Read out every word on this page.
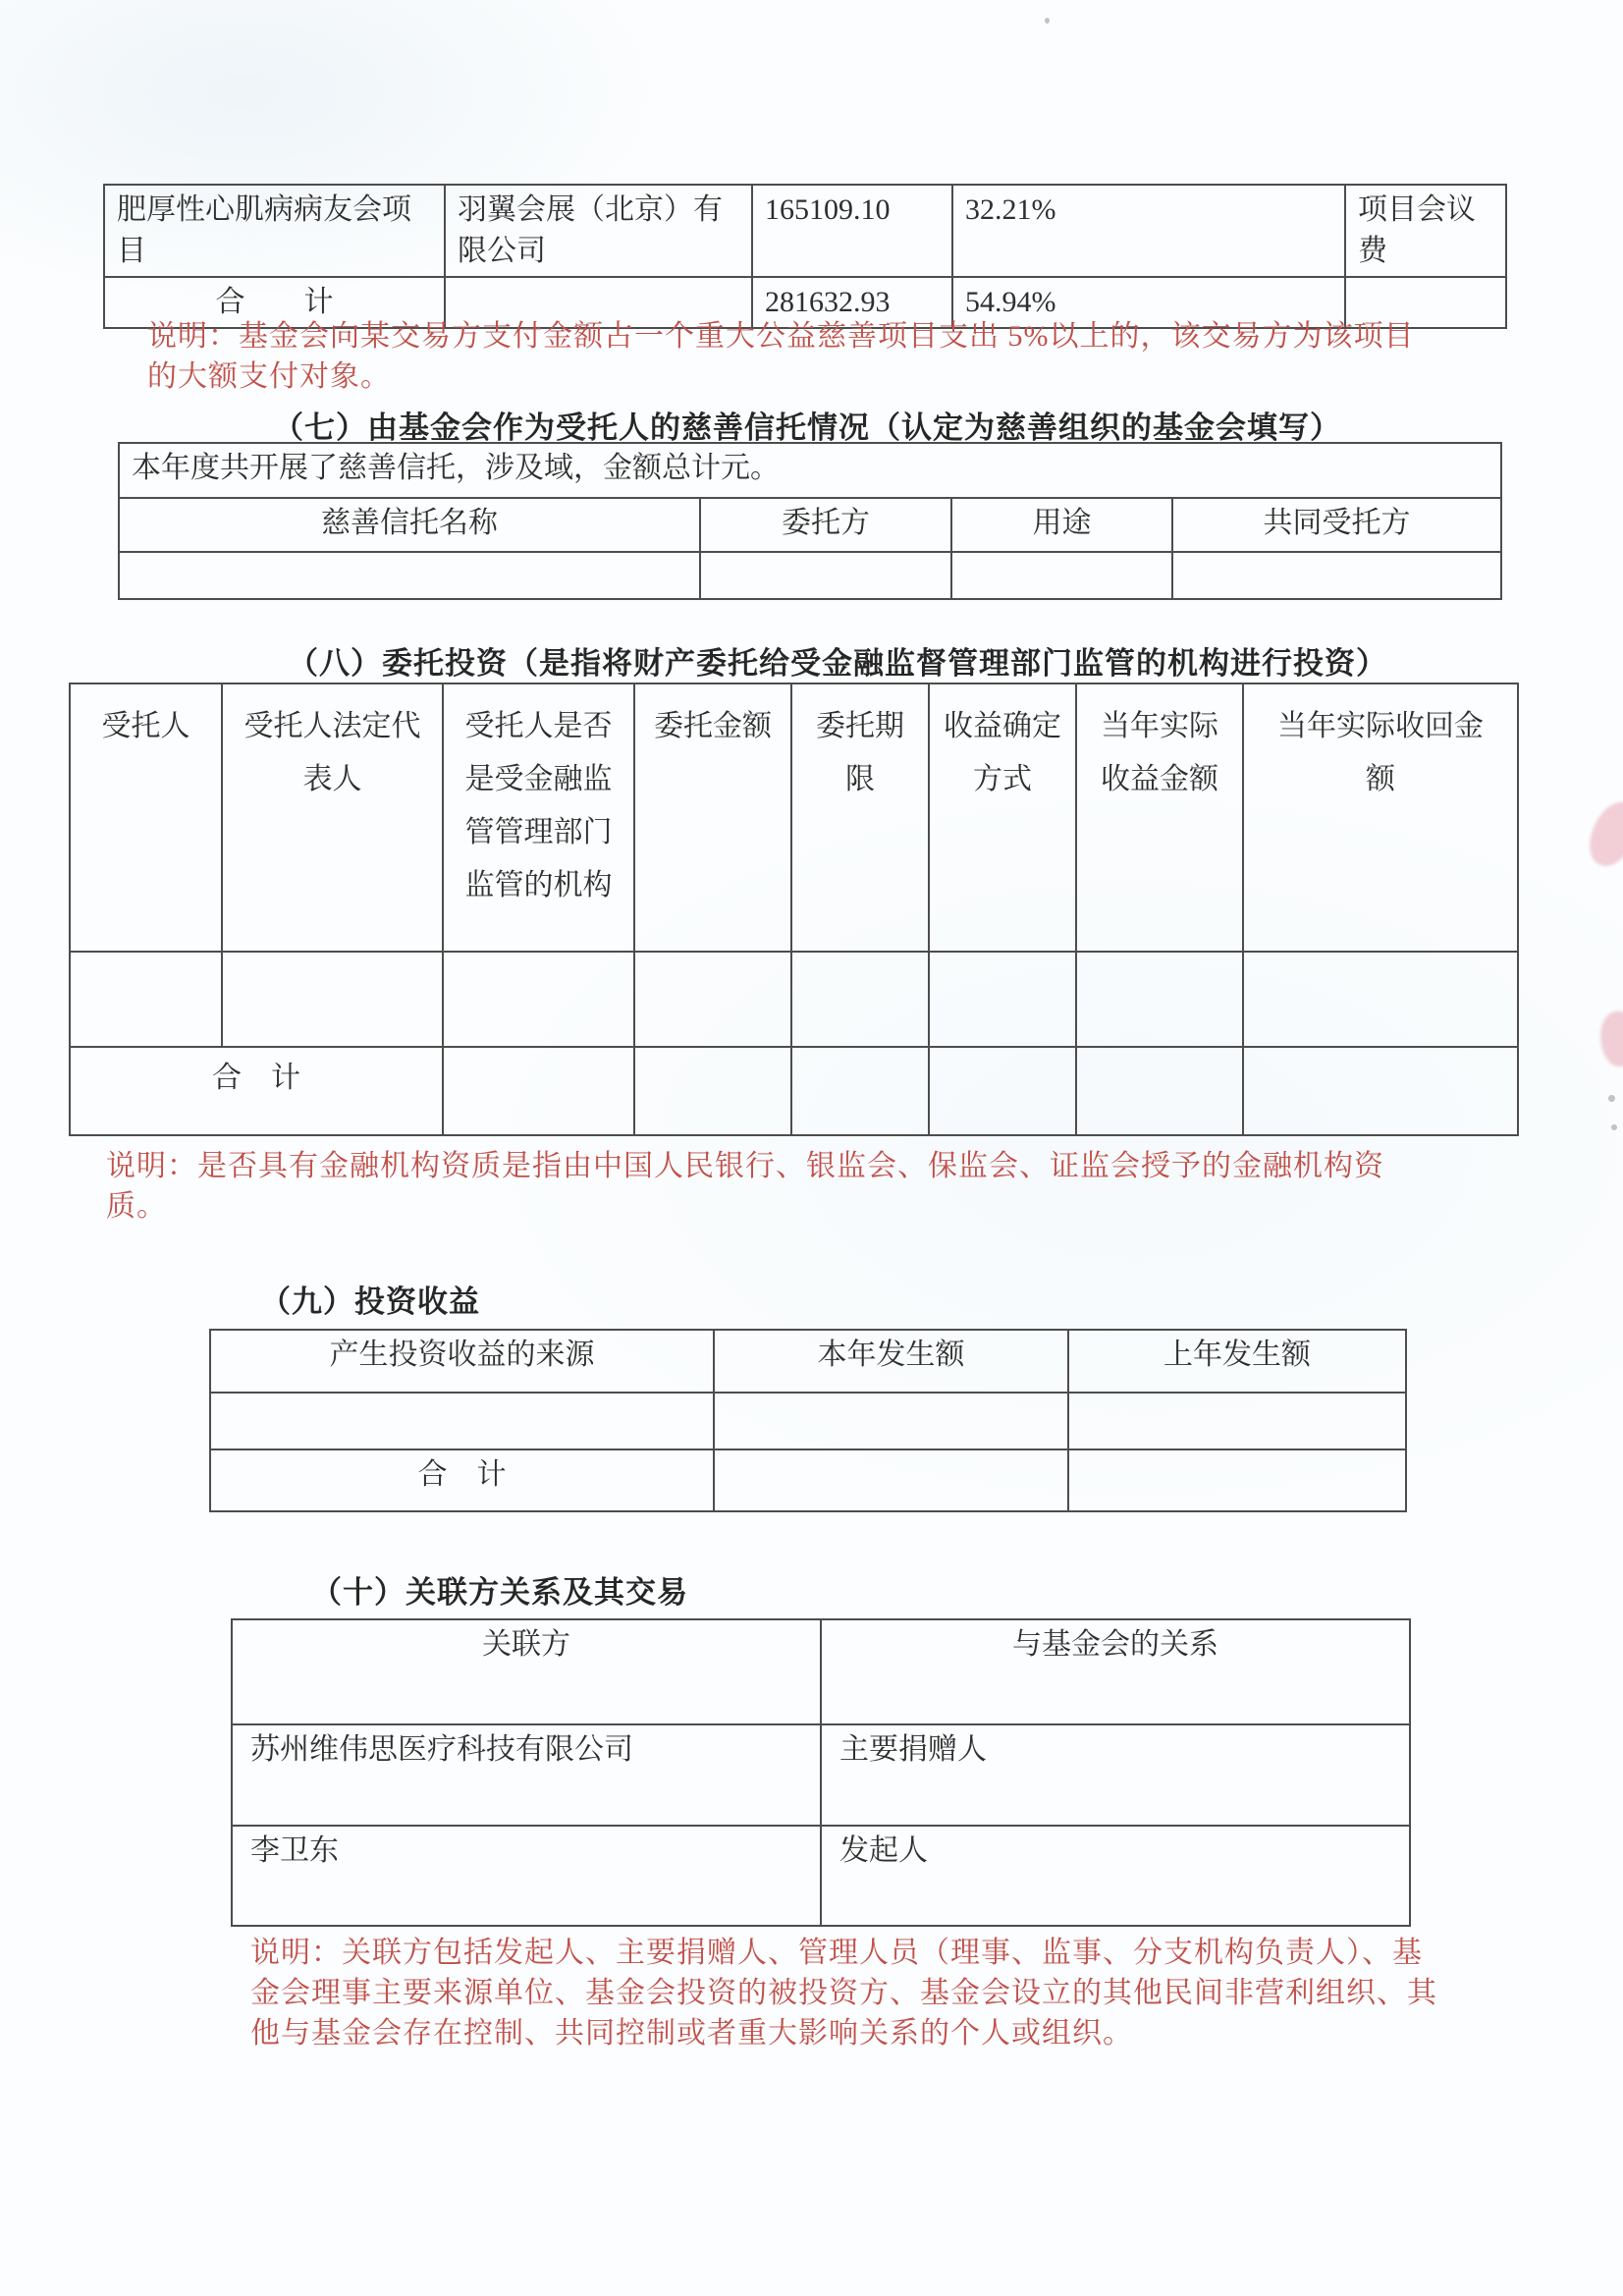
肥厚性心肌病病友会项目	羽翼会展（北京）有限公司	165109.10	32.21%	项目会议费
合　　计		281632.93	54.94%	
说明：基金会向某交易方支付金额占一个重大公益慈善项目支出 5%以上的，该交易方为该项目的大额支付对象。
（七）由基金会作为受托人的慈善信托情况（认定为慈善组织的基金会填写）
本年度共开展了慈善信托，涉及域，金额总计元。			
慈善信托名称	委托方	用途	共同受托方

（八）委托投资（是指将财产委托给受金融监督管理部门监管的机构进行投资）
受托人	受托人法定代表人	受托人是否是受金融监管管理部门监管的机构	委托金额	委托期限	收益确定方式	当年实际收益金额	当年实际收回金额

合　计							
说明：是否具有金融机构资质是指由中国人民银行、银监会、保监会、证监会授予的金融机构资质。
（九）投资收益
产生投资收益的来源	本年发生额	上年发生额

合　计		
（十）关联方关系及其交易
关联方	与基金会的关系
苏州维伟思医疗科技有限公司	主要捐赠人
李卫东	发起人
说明：关联方包括发起人、主要捐赠人、管理人员（理事、监事、分支机构负责人）、基金会理事主要来源单位、基金会投资的被投资方、基金会设立的其他民间非营利组织、其他与基金会存在控制、共同控制或者重大影响关系的个人或组织。
